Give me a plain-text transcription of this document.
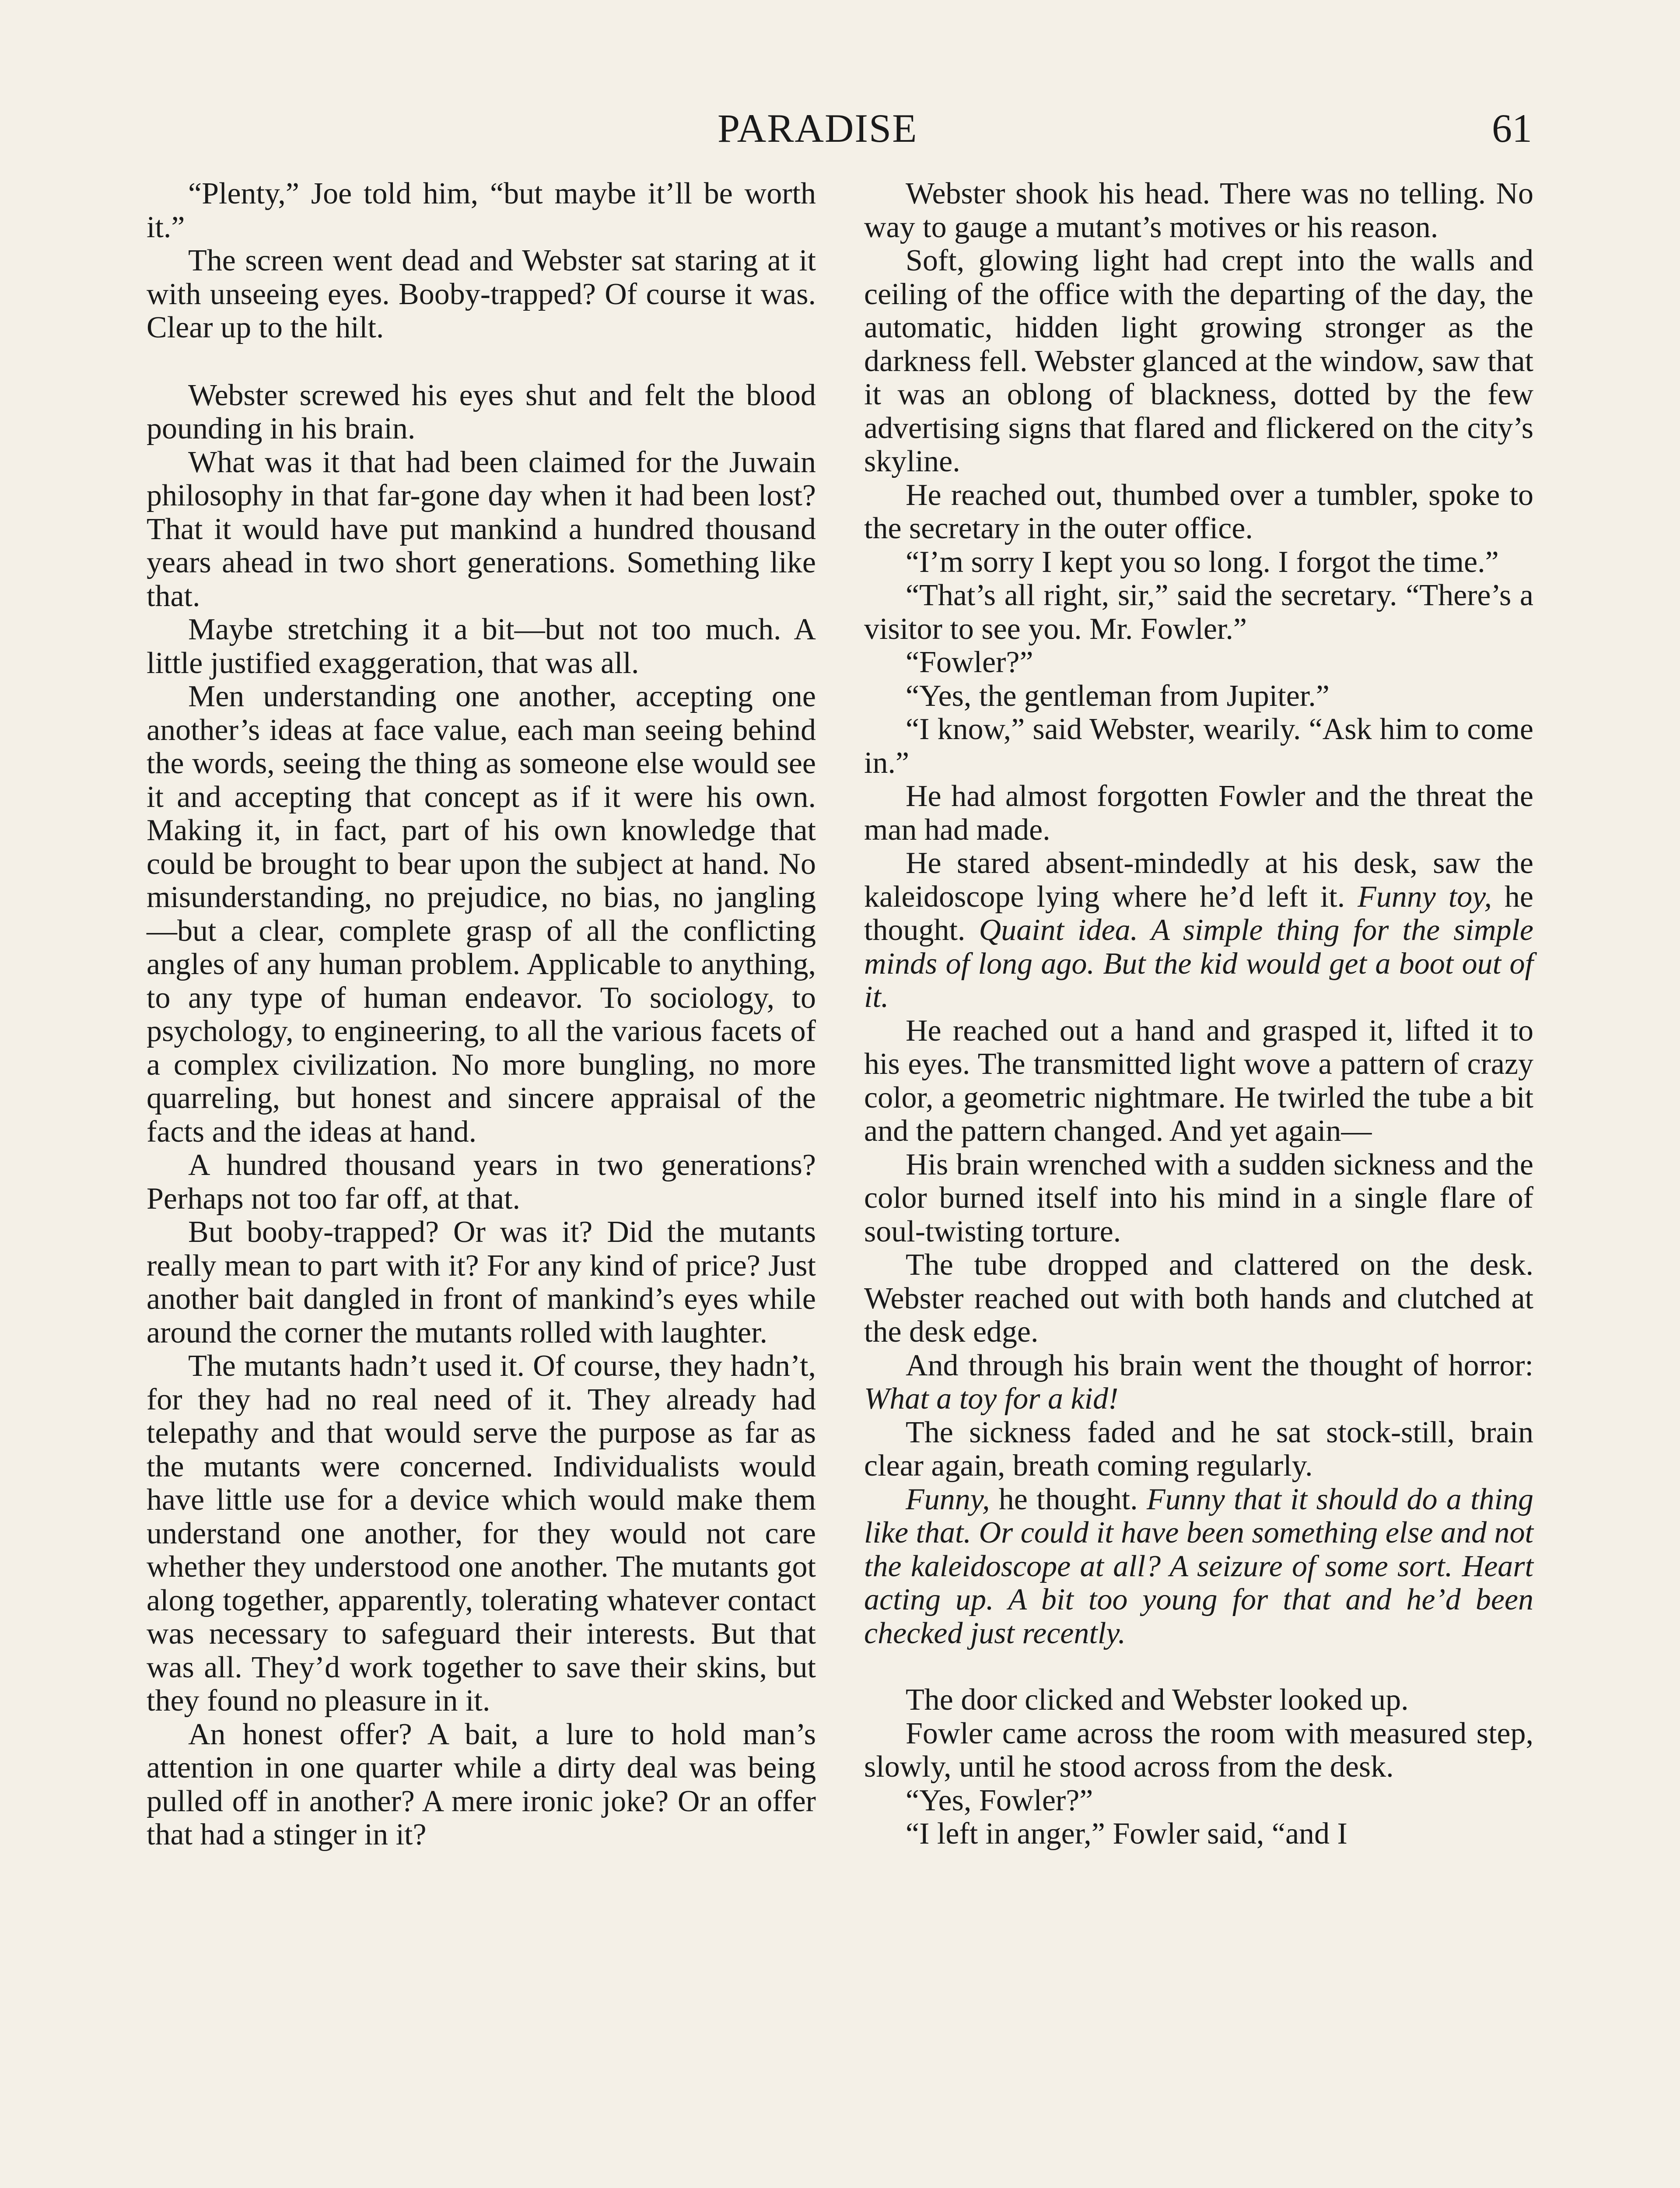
PARADISE	61

“Plenty,” Joe told him, “but maybe it’ll be worth it.”

The screen went dead and Webster sat staring at it with unseeing eyes. Booby-trapped? Of course it was. Clear up to the hilt.

Webster screwed his eyes shut and felt the blood pounding in his brain.

What was it that had been claimed for the Juwain philosophy in that far-gone day when it had been lost? That it would have put mankind a hundred thousand years ahead in two short generations. Something like that.

Maybe stretching it a bit—but not too much. A little justified exaggeration, that was all.

Men understanding one another, accepting one another’s ideas at face value, each man seeing behind the words, seeing the thing as someone else would see it and accepting that concept as if it were his own. Making it, in fact, part of his own knowledge that could be brought to bear upon the subject at hand. No misunderstanding, no prejudice, no bias, no jangling—but a clear, complete grasp of all the conflicting angles of any human problem. Applicable to anything, to any type of human endeavor. To sociology, to psychology, to engineering, to all the various facets of a complex civilization. No more bungling, no more quarreling, but honest and sincere appraisal of the facts and the ideas at hand.

A hundred thousand years in two generations? Perhaps not too far off, at that.

But booby-trapped? Or was it? Did the mutants really mean to part with it? For any kind of price? Just another bait dangled in front of mankind’s eyes while around the corner the mutants rolled with laughter.

The mutants hadn’t used it. Of course, they hadn’t, for they had no real need of it. They already had telepathy and that would serve the purpose as far as the mutants were concerned. Individualists would have little use for a device which would make them understand one another, for they would not care whether they understood one another. The mutants got along together, apparently, tolerating whatever contact was necessary to safeguard their interests. But that was all. They’d work together to save their skins, but they found no pleasure in it.

An honest offer? A bait, a lure to hold man’s attention in one quarter while a dirty deal was being pulled off in another? A mere ironic joke? Or an offer that had a stinger in it?

Webster shook his head. There was no telling. No way to gauge a mutant’s motives or his reason.

Soft, glowing light had crept into the walls and ceiling of the office with the departing of the day, the automatic, hidden light growing stronger as the darkness fell. Webster glanced at the window, saw that it was an oblong of blackness, dotted by the few advertising signs that flared and flickered on the city’s skyline.

He reached out, thumbed over a tumbler, spoke to the secretary in the outer office.

“I’m sorry I kept you so long. I forgot the time.”

“That’s all right, sir,” said the secretary. “There’s a visitor to see you. Mr. Fowler.”

“Fowler?”

“Yes, the gentleman from Jupiter.”

“I know,” said Webster, wearily. “Ask him to come in.”

He had almost forgotten Fowler and the threat the man had made.

He stared absent-mindedly at his desk, saw the kaleidoscope lying where he’d left it. Funny toy, he thought. Quaint idea. A simple thing for the simple minds of long ago. But the kid would get a boot out of it.

He reached out a hand and grasped it, lifted it to his eyes. The transmitted light wove a pattern of crazy color, a geometric nightmare. He twirled the tube a bit and the pattern changed. And yet again—

His brain wrenched with a sudden sickness and the color burned itself into his mind in a single flare of soul-twisting torture.

The tube dropped and clattered on the desk. Webster reached out with both hands and clutched at the desk edge.

And through his brain went the thought of horror: What a toy for a kid!

The sickness faded and he sat stock-still, brain clear again, breath coming regularly.

Funny, he thought. Funny that it should do a thing like that. Or could it have been something else and not the kaleidoscope at all? A seizure of some sort. Heart acting up. A bit too young for that and he’d been checked just recently.

The door clicked and Webster looked up.

Fowler came across the room with measured step, slowly, until he stood across from the desk.

“Yes, Fowler?”

“I left in anger,” Fowler said, “and I
